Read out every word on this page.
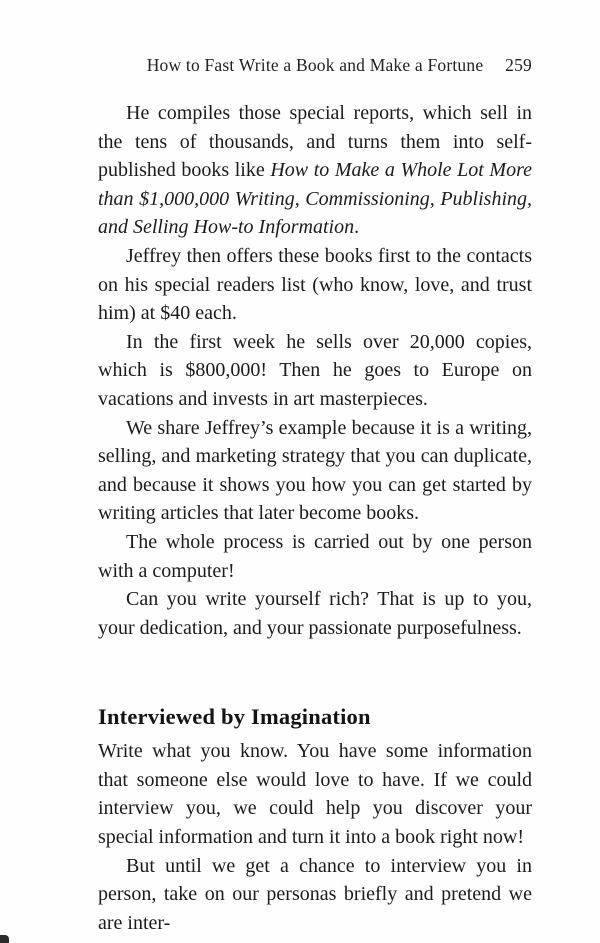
How to Fast Write a Book and Make a Fortune 259

He compiles those special reports, which sell in the tens of thousands, and turns them into self-published books like How to Make a Whole Lot More than $1,000,000 Writing, Commissioning, Publishing, and Selling How-to Information.

Jeffrey then offers these books first to the contacts on his special readers list (who know, love, and trust him) at $40 each.

In the first week he sells over 20,000 copies, which is $800,000! Then he goes to Europe on vacations and invests in art masterpieces.

We share Jeffrey’s example because it is a writing, selling, and marketing strategy that you can duplicate, and because it shows you how you can get started by writing articles that later become books.

The whole process is carried out by one person with a computer!

Can you write yourself rich? That is up to you, your dedication, and your passionate purposefulness.

Interviewed by Imagination

Write what you know. You have some information that someone else would love to have. If we could interview you, we could help you discover your special information and turn it into a book right now!

But until we get a chance to interview you in person, take on our personas briefly and pretend we are inter-
